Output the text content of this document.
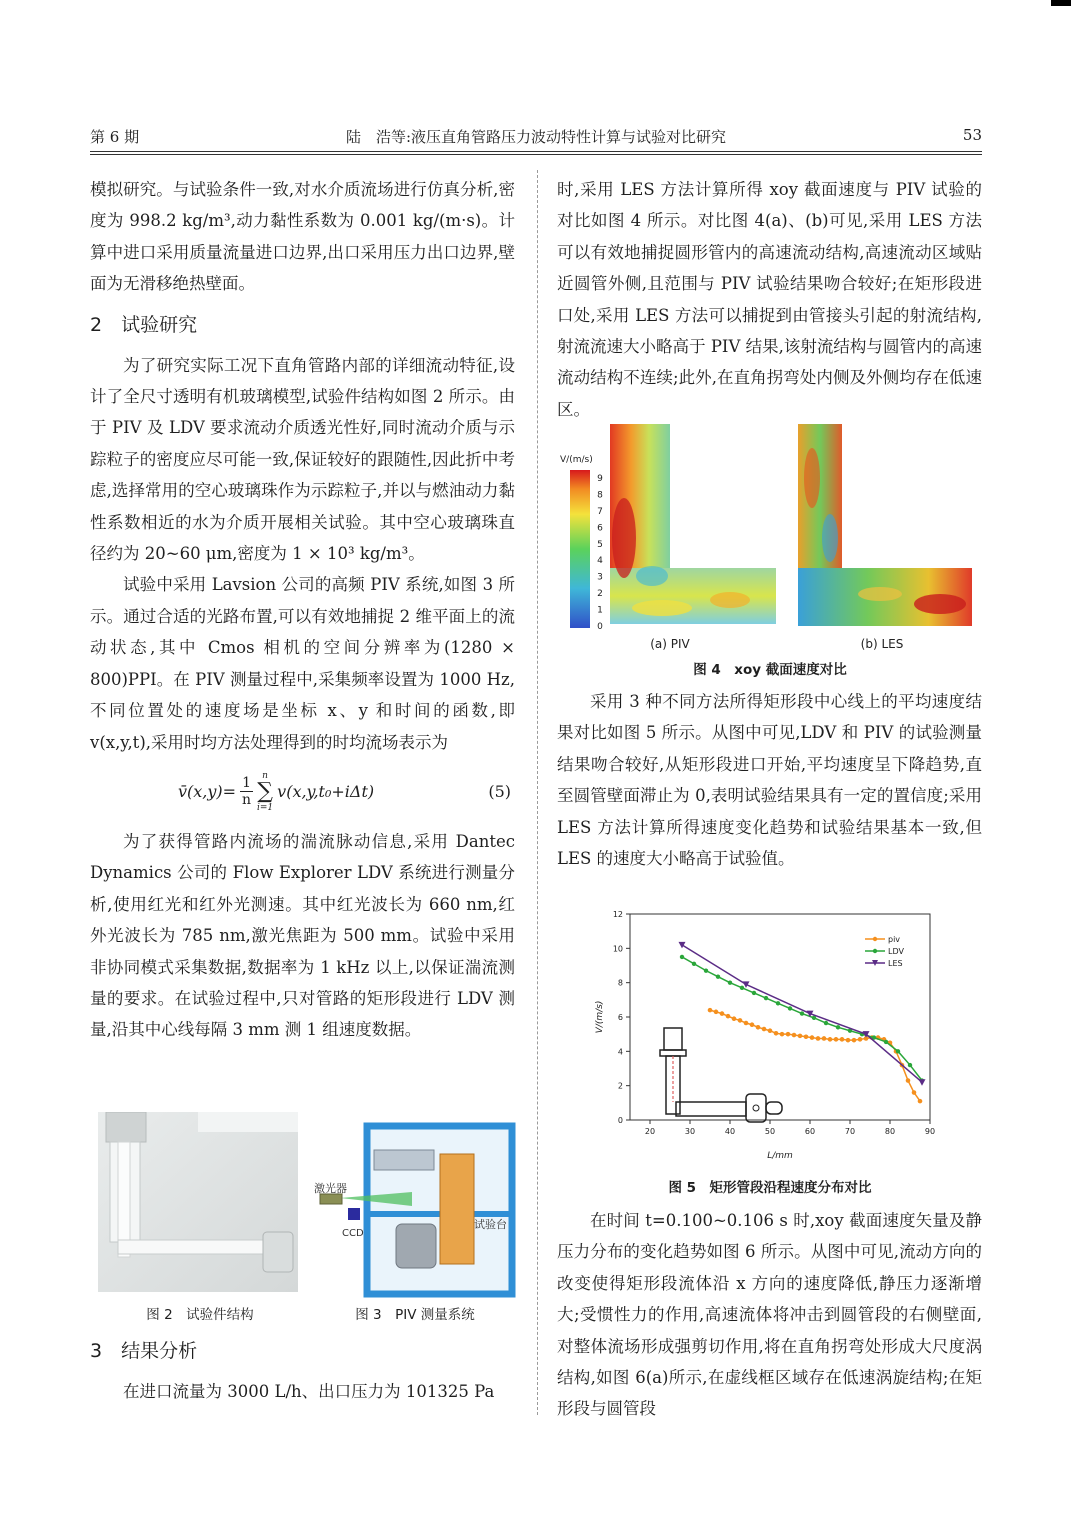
第 6 期	陆　浩等:液压直角管路压力波动特性计算与试验对比研究	53

模拟研究。与试验条件一致,对水介质流场进行仿真分析,密度为 998.2 kg/m³,动力黏性系数为 0.001 kg/(m·s)。计算中进口采用质量流量进口边界,出口采用压力出口边界,壁面为无滑移绝热壁面。

2　试验研究

为了研究实际工况下直角管路内部的详细流动特征,设计了全尺寸透明有机玻璃模型,试验件结构如图 2 所示。由于 PIV 及 LDV 要求流动介质透光性好,同时流动介质与示踪粒子的密度应尽可能一致,保证较好的跟随性,因此折中考虑,选择常用的空心玻璃珠作为示踪粒子,并以与燃油动力黏性系数相近的水为介质开展相关试验。其中空心玻璃珠直径约为 20~60 μm,密度为 1 × 10³ kg/m³。

试验中采用 Lavsion 公司的高频 PIV 系统,如图 3 所示。通过合适的光路布置,可以有效地捕捉 2 维平面上的流动状态,其中 Cmos 相机的空间分辨率为(1280 × 800)PPI。在 PIV 测量过程中,采集频率设置为 1000 Hz,不同位置处的速度场是坐标 x、y 和时间的函数,即 v(x,y,t),采用时均方法处理得到的时均流场表示为

v̄(x,y)= $\frac{1}{n}$ n
∑
i=1
v(x,y,t₀+iΔt)	(5)

为了获得管路内流场的湍流脉动信息,采用 Dantec Dynamics 公司的 Flow Explorer LDV 系统进行测量分析,使用红光和红外光测速。其中红光波长为 660 nm,红外光波长为 785 nm,激光焦距为 500 mm。试验中采用非协同模式采集数据,数据率为 1 kHz 以上,以保证湍流测量的要求。在试验过程中,只对管路的矩形段进行 LDV 测量,沿其中心线每隔 3 mm 测 1 组速度数据。

激光器
CCD
试验台
图 2　试验件结构	图 3　PIV 测量系统
3　结果分析

在进口流量为 3000 L/h、出口压力为 101325 Pa

时,采用 LES 方法计算所得 xoy 截面速度与 PIV 试验的对比如图 4 所示。对比图 4(a)、(b)可见,采用 LES 方法可以有效地捕捉圆形管内的高速流动结构,高速流动区域贴近圆管外侧,且范围与 PIV 试验结果吻合较好;在矩形段进口处,采用 LES 方法可以捕捉到由管接头引起的射流结构,射流流速大小略高于 PIV 结果,该射流结构与圆管内的高速流动结构不连续;此外,在直角拐弯处内侧及外侧均存在低速区。

V/(m/s)
9
8
7
6
5
4
3
2
1
0
(a) PIV	(b) LES
图 4　xoy 截面速度对比

采用 3 种不同方法所得矩形段中心线上的平均速度结果对比如图 5 所示。从图中可见,LDV 和 PIV 的试验测量结果吻合较好,从矩形段进口开始,平均速度呈下降趋势,直至圆管壁面滞止为 0,表明试验结果具有一定的置信度;采用 LES 方法计算所得速度变化趋势和试验结果基本一致,但 LES 的速度大小略高于试验值。

20	30	40	50	60	70	80	90
0
2
4
6
8
10
12
piv
LDV
LES
L/mm
V/(m/s)
图 5　矩形管段沿程速度分布对比

在时间 t=0.100~0.106 s 时,xoy 截面速度矢量及静压力分布的变化趋势如图 6 所示。从图中可见,流动方向的改变使得矩形段流体沿 x 方向的速度降低,静压力逐渐增大;受惯性力的作用,高速流体将冲击到圆管段的右侧壁面,对整体流场形成强剪切作用,将在直角拐弯处形成大尺度涡结构,如图 6(a)所示,在虚线框区域存在低速涡旋结构;在矩形段与圆管段
